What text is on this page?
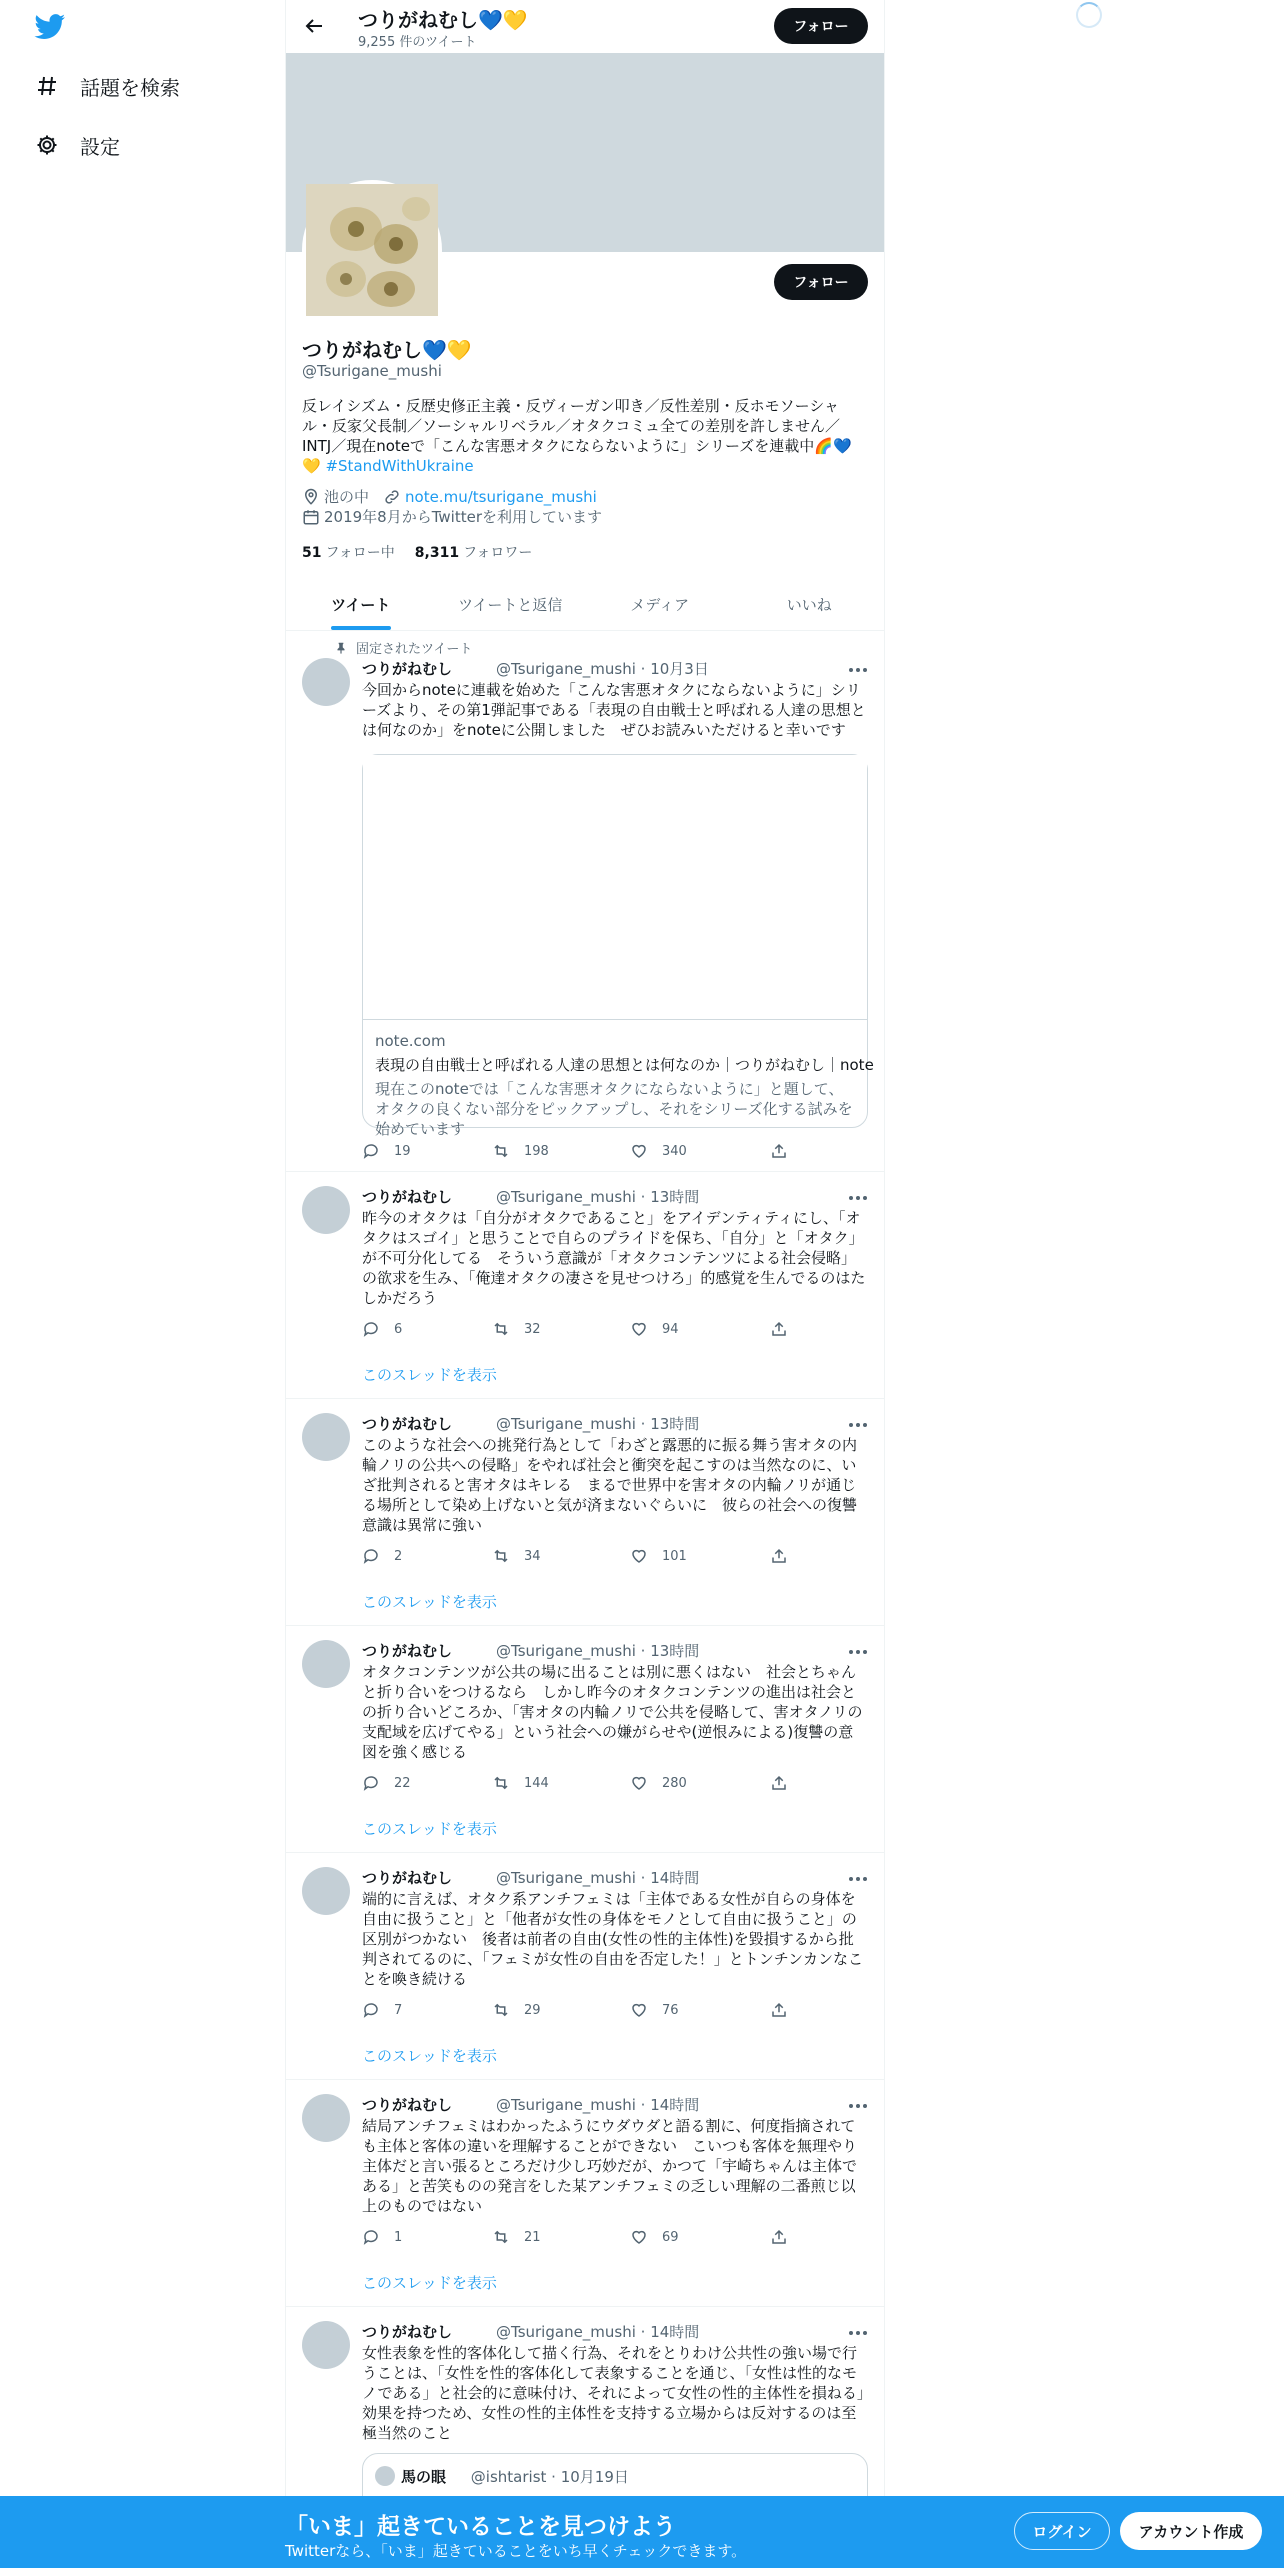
話題を検索
設定
つりがねむし💙💛
9,255 件のツイート
フォロー
フォロー
つりがねむし💙💛
@Tsurigane_mushi
反レイシズム・反歴史修正主義・反ヴィーガン叩き／反性差別・反ホモソーシャル・反家父長制／ソーシャルリベラル／オタクコミュ全ての差別を許しません／INTJ／現在noteで「こんな害悪オタクにならないように」シリーズを連載中🌈💙💛 #StandWithUkraine
池の中 note.mu/tsurigane_mushi
2019年8月からTwitterを利用しています
51 フォロー中 8,311 フォロワー
ツイート	ツイートと返信	メディア	いいね
固定されたツイート
つりがねむし	@Tsurigane_mushi · 10月3日
今回からnoteに連載を始めた「こんな害悪オタクにならないように」シリーズより、その第1弾記事である「表現の自由戦士と呼ばれる人達の思想とは何なのか」をnoteに公開しました　ぜひお読みいただけると幸いです
note.com
表現の自由戦士と呼ばれる人達の思想とは何なのか｜つりがねむし｜note
現在このnoteでは「こんな害悪オタクにならないように」と題して、オタクの良くない部分をピックアップし、それをシリーズ化する試みを始めています
19	198	340
つりがねむし	@Tsurigane_mushi · 13時間
昨今のオタクは「自分がオタクであること」をアイデンティティにし、「オタクはスゴイ」と思うことで自らのプライドを保ち、「自分」と「オタク」が不可分化してる　そういう意識が「オタクコンテンツによる社会侵略」の欲求を生み、「俺達オタクの凄さを見せつけろ」的感覚を生んでるのはたしかだろう
6	32	94
このスレッドを表示
つりがねむし	@Tsurigane_mushi · 13時間
このような社会への挑発行為として「わざと露悪的に振る舞う害オタの内輪ノリの公共への侵略」をやれば社会と衝突を起こすのは当然なのに、いざ批判されると害オタはキレる　まるで世界中を害オタの内輪ノリが通じる場所として染め上げないと気が済まないぐらいに　彼らの社会への復讐意識は異常に強い
2	34	101
このスレッドを表示
つりがねむし	@Tsurigane_mushi · 13時間
オタクコンテンツが公共の場に出ることは別に悪くはない　社会とちゃんと折り合いをつけるなら　しかし昨今のオタクコンテンツの進出は社会との折り合いどころか、「害オタの内輪ノリで公共を侵略して、害オタノリの支配域を広げてやる」という社会への嫌がらせや(逆恨みによる)復讐の意図を強く感じる
22	144	280
このスレッドを表示
つりがねむし	@Tsurigane_mushi · 14時間
端的に言えば、オタク系アンチフェミは「主体である女性が自らの身体を自由に扱うこと」と「他者が女性の身体をモノとして自由に扱うこと」の区別がつかない　後者は前者の自由(女性の性的主体性)を毀損するから批判されてるのに、「フェミが女性の自由を否定した！」とトンチンカンなことを喚き続ける
7	29	76
このスレッドを表示
つりがねむし	@Tsurigane_mushi · 14時間
結局アンチフェミはわかったふうにウダウダと語る割に、何度指摘されても主体と客体の違いを理解することができない　こいつも客体を無理やり主体だと言い張るところだけ少し巧妙だが、かつて「宇崎ちゃんは主体である」と苦笑ものの発言をした某アンチフェミの乏しい理解の二番煎じ以上のものではない
1	21	69
このスレッドを表示
つりがねむし	@Tsurigane_mushi · 14時間
女性表象を性的客体化して描く行為、それをとりわけ公共性の強い場で行うことは、「女性を性的客体化して表象することを通じ、「女性は性的なモノである」と社会的に意味付け、それによって女性の性的主体性を損ねる」効果を持つため、女性の性的主体性を支持する立場からは反対するのは至極当然のこと
馬の眼 @ishtarist · 10月19日
「いま」起きていることを見つけよう
Twitterなら、「いま」起きていることをいち早くチェックできます。
ログイン	アカウント作成
